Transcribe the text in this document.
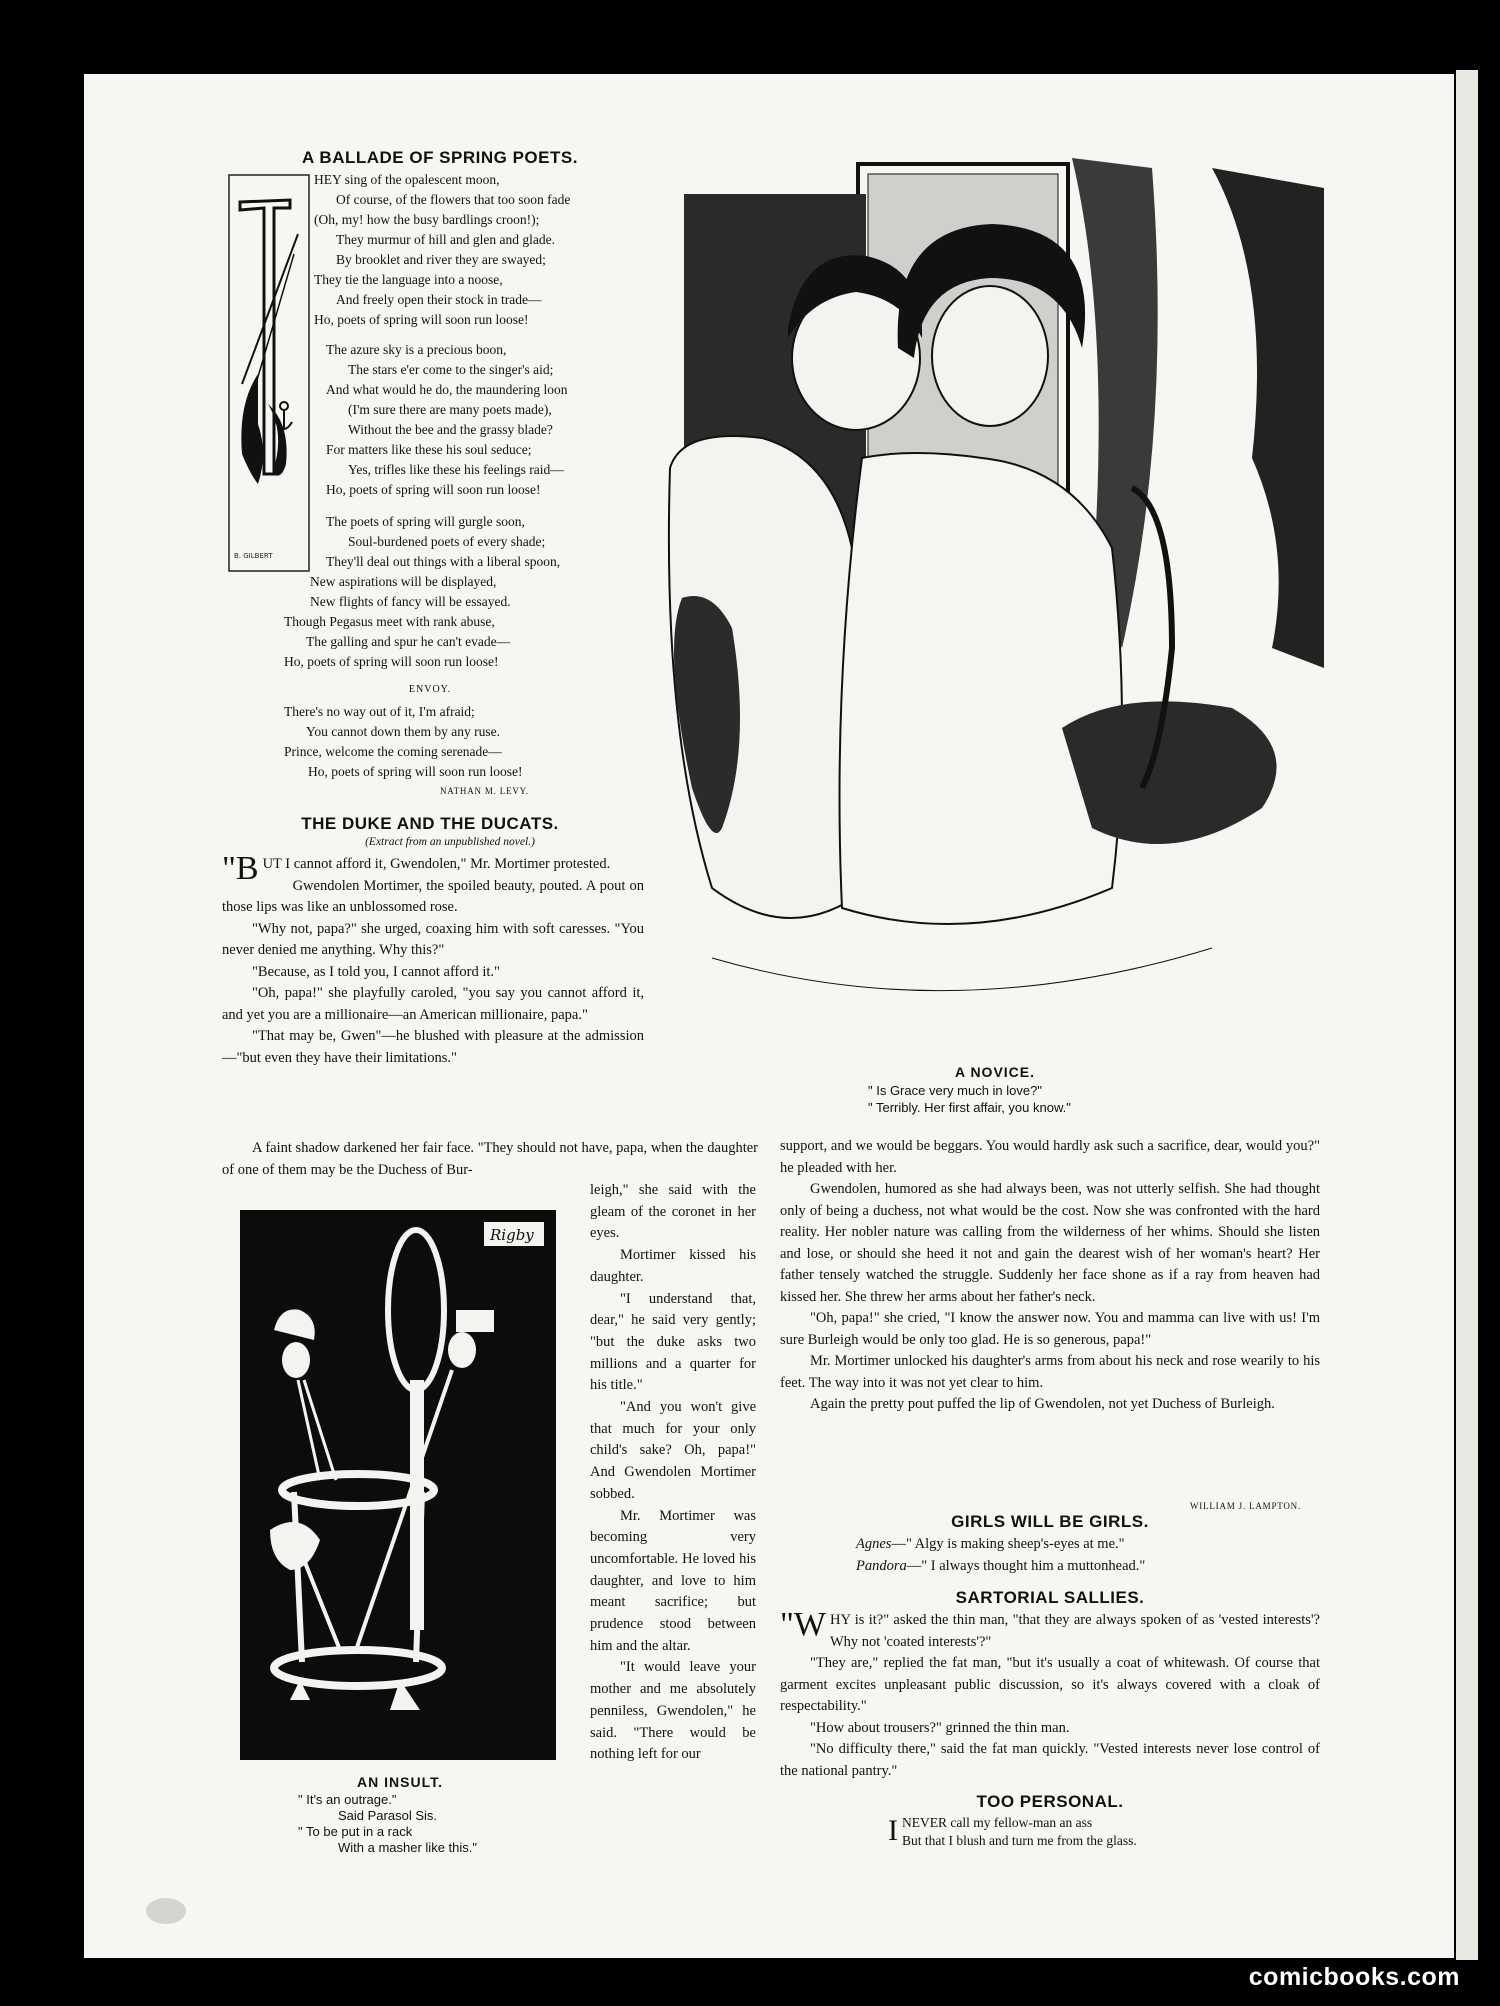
A BALLADE OF SPRING POETS.
B. GILBERT
HEY sing of the opalescent moon,
Of course, of the flowers that too soon fade
(Oh, my! how the busy bardlings croon!);
They murmur of hill and glen and glade.
By brooklet and river they are swayed;
They tie the language into a noose,
And freely open their stock in trade—
Ho, poets of spring will soon run loose!
The azure sky is a precious boon,
The stars e'er come to the singer's aid;
And what would he do, the maundering loon
(I'm sure there are many poets made),
Without the bee and the grassy blade?
For matters like these his soul seduce;
Yes, trifles like these his feelings raid—
Ho, poets of spring will soon run loose!
The poets of spring will gurgle soon,
Soul-burdened poets of every shade;
They'll deal out things with a liberal spoon,
New aspirations will be displayed,
New flights of fancy will be essayed.
Though Pegasus meet with rank abuse,
The galling and spur he can't evade—
Ho, poets of spring will soon run loose!
ENVOY.
There's no way out of it, I'm afraid;
You cannot down them by any ruse.
Prince, welcome the coming serenade—
Ho, poets of spring will soon run loose!
NATHAN M. LEVY.
A NOVICE.
" Is Grace very much in love?"
" Terribly. Her first affair, you know."
THE DUKE AND THE DUCATS.
(Extract from an unpublished novel.)

"BUT I cannot afford it, Gwendolen," Mr. Mortimer protested.

Gwendolen Mortimer, the spoiled beauty, pouted. A pout on those lips was like an unblossomed rose.

"Why not, papa?" she urged, coaxing him with soft caresses. "You never denied me anything. Why this?"

"Because, as I told you, I cannot afford it."

"Oh, papa!" she playfully caroled, "you say you cannot afford it, and yet you are a millionaire—an American millionaire, papa."

"That may be, Gwen"—he blushed with pleasure at the admission—"but even they have their limitations."

A faint shadow darkened her fair face. "They should not have, papa, when the daughter of one of them may be the Duchess of Bur-

leigh," she said with the gleam of the coronet in her eyes.

Mortimer kissed his daughter.

"I understand that, dear," he said very gently; "but the duke asks two millions and a quarter for his title."

"And you won't give that much for your only child's sake? Oh, papa!" And Gwendolen Mortimer sobbed.

Mr. Mortimer was becoming very uncomfortable. He loved his daughter, and love to him meant sacrifice; but prudence stood between him and the altar.

"It would leave your mother and me absolutely penniless, Gwendolen," he said. "There would be nothing left for our

support, and we would be beggars. You would hardly ask such a sacrifice, dear, would you?" he pleaded with her.

Gwendolen, humored as she had always been, was not utterly selfish. She had thought only of being a duchess, not what would be the cost. Now she was confronted with the hard reality. Her nobler nature was calling from the wilderness of her whims. Should she listen and lose, or should she heed it not and gain the dearest wish of her woman's heart? Her father tensely watched the struggle. Suddenly her face shone as if a ray from heaven had kissed her. She threw her arms about her father's neck.

"Oh, papa!" she cried, "I know the answer now. You and mamma can live with us! I'm sure Burleigh would be only too glad. He is so generous, papa!"

Mr. Mortimer unlocked his daughter's arms from about his neck and rose wearily to his feet. The way into it was not yet clear to him.

Again the pretty pout puffed the lip of Gwendolen, not yet Duchess of Burleigh.

WILLIAM J. LAMPTON.
Rigby
AN INSULT.
" It's an outrage."
Said Parasol Sis.
" To be put in a rack
With a masher like this."
GIRLS WILL BE GIRLS.
Agnes—" Algy is making sheep's-eyes at me."
Pandora—" I always thought him a muttonhead."
SARTORIAL SALLIES.

"WHY is it?" asked the thin man, "that they are always spoken of as 'vested interests'? Why not 'coated interests'?"

"They are," replied the fat man, "but it's usually a coat of whitewash. Of course that garment excites unpleasant public discussion, so it's always covered with a cloak of respectability."

"How about trousers?" grinned the thin man.

"No difficulty there," said the fat man quickly. "Vested interests never lose control of the national pantry."

TOO PERSONAL.
I NEVER call my fellow-man an ass
But that I blush and turn me from the glass.
comicbooks.com
